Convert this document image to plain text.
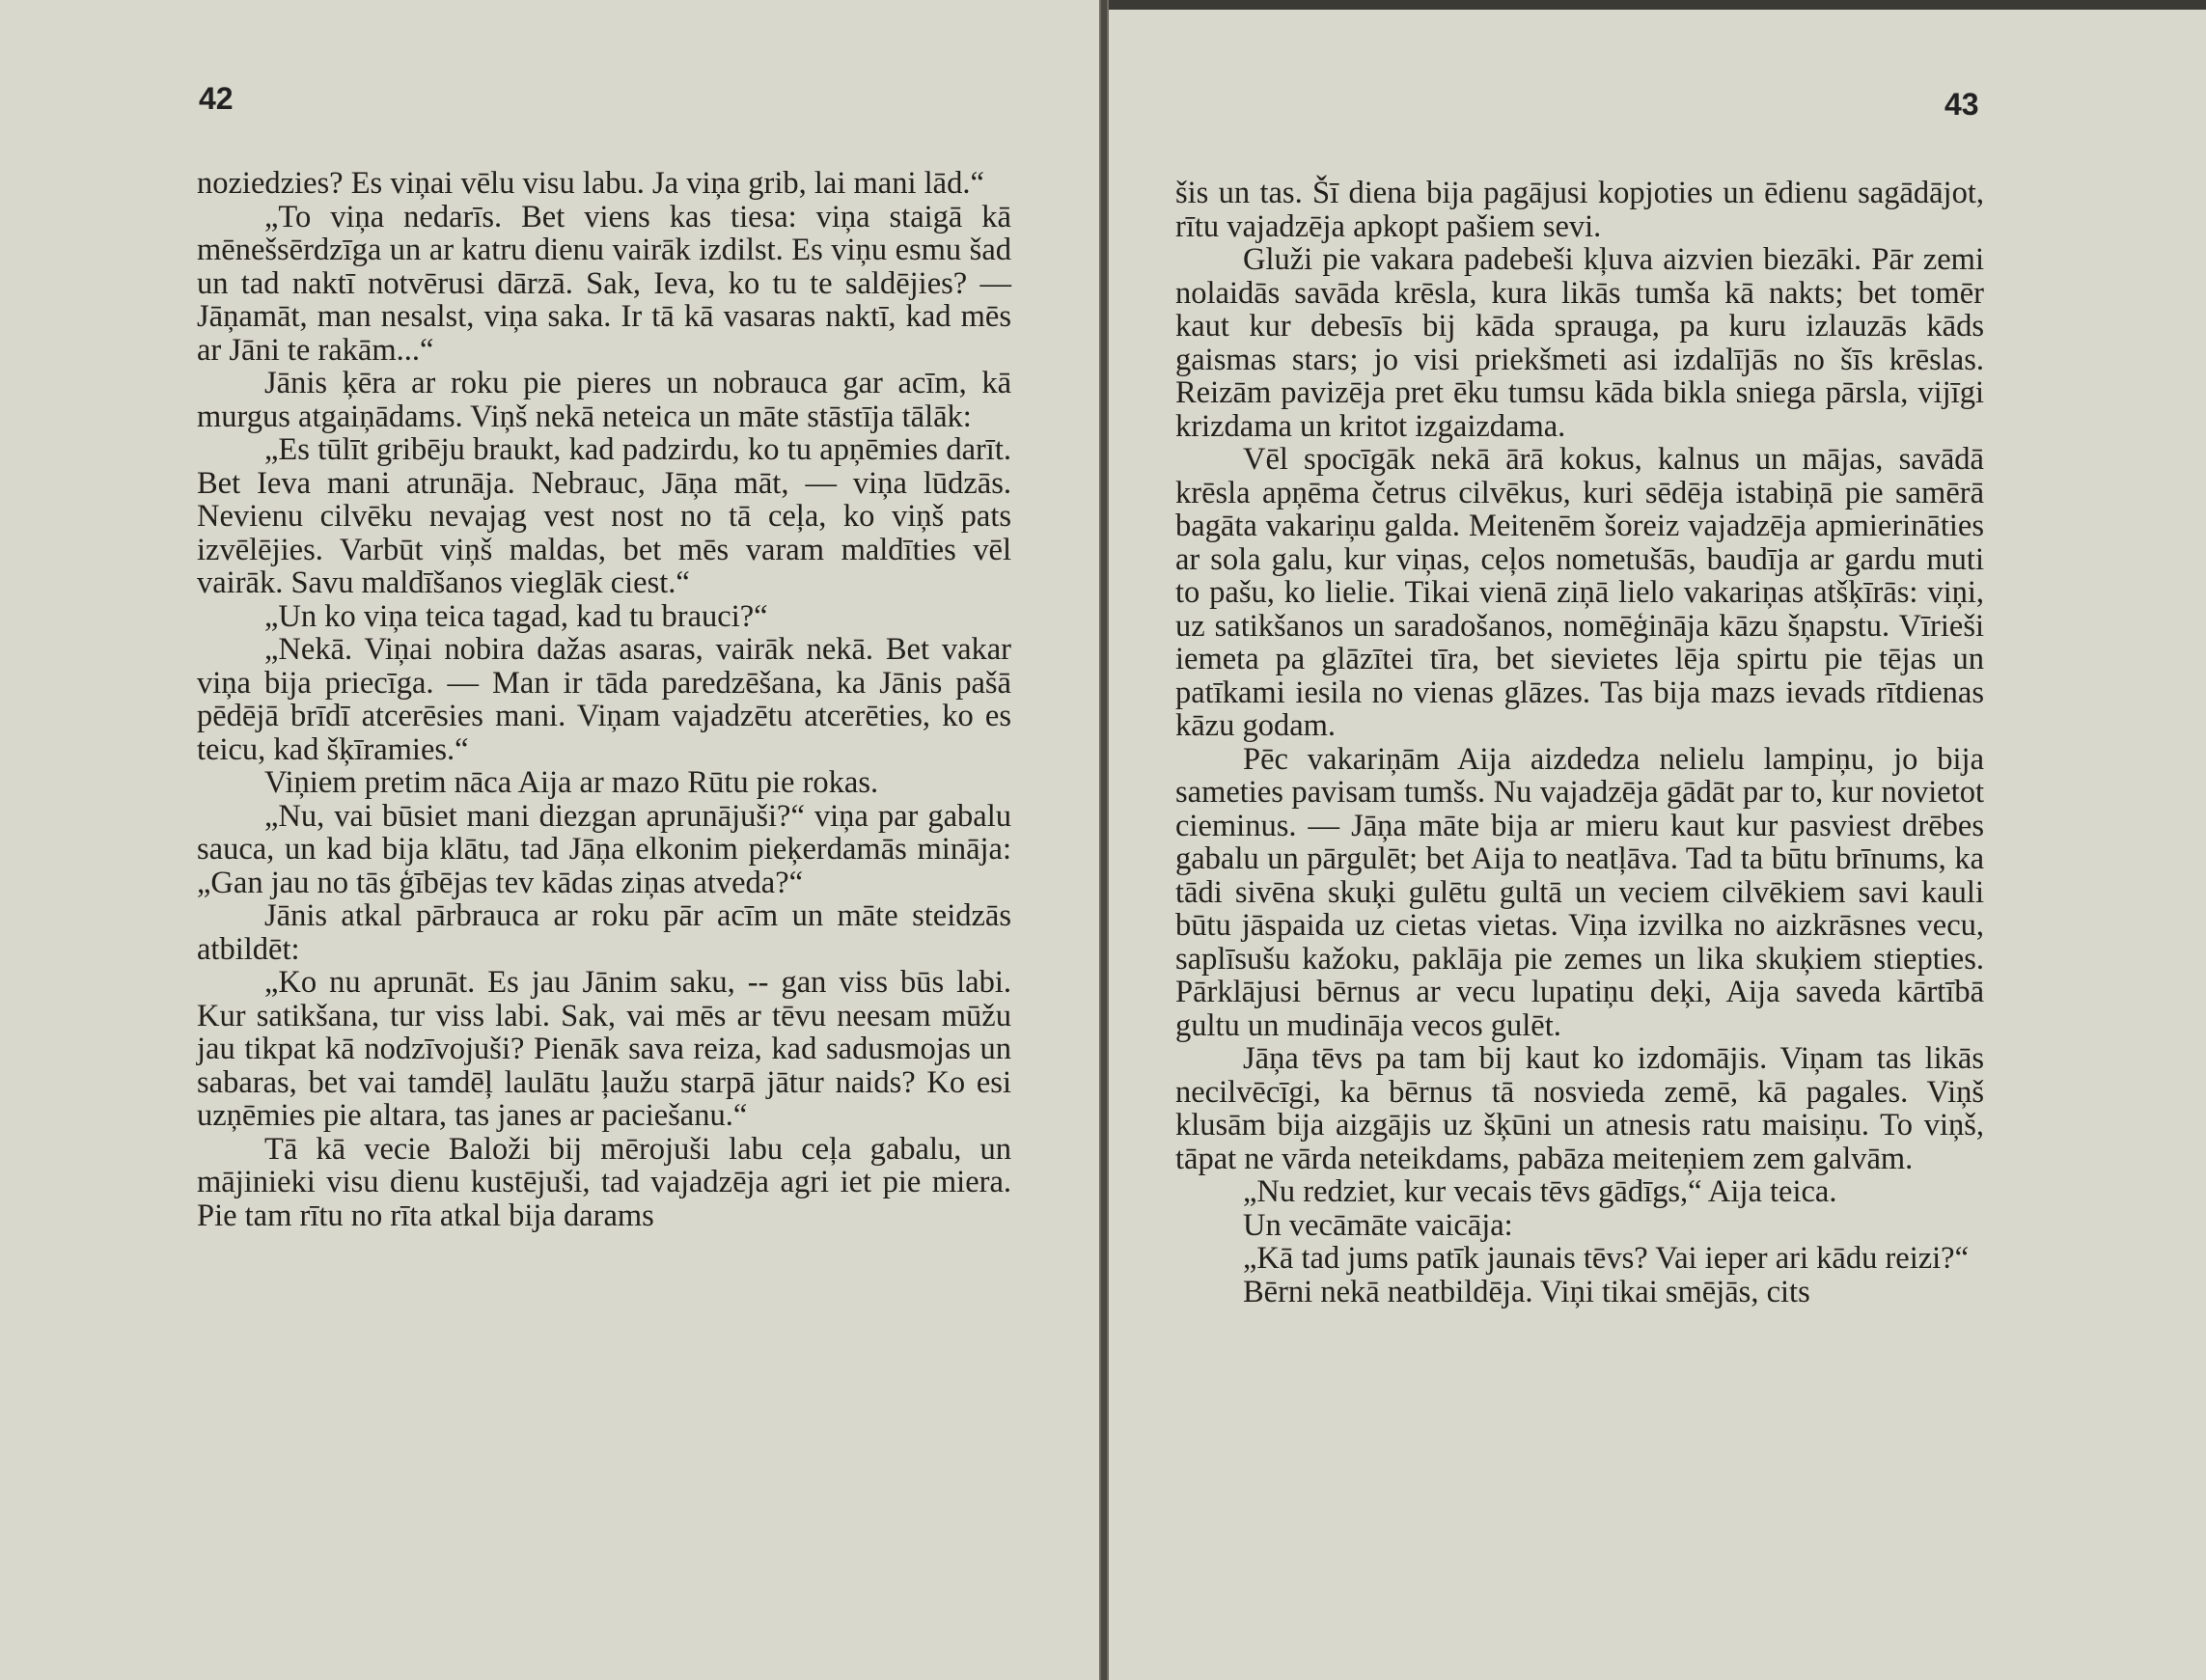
42

noziedzies? Es viņai vēlu visu labu. Ja viņa grib, lai mani lād.“

„To viņa nedarīs. Bet viens kas tiesa: viņa staigā kā mēnešsērdzīga un ar katru dienu vairāk izdilst. Es viņu esmu šad un tad naktī notvērusi dārzā. Sak, Ieva, ko tu te saldējies? — Jāņamāt, man nesalst, viņa saka. Ir tā kā vasaras naktī, kad mēs ar Jāni te rakām...“

Jānis ķēra ar roku pie pieres un nobrauca gar acīm, kā murgus atgaiņādams. Viņš nekā neteica un māte stāstīja tālāk:

„Es tūlīt gribēju braukt, kad padzirdu, ko tu apņēmies darīt. Bet Ieva mani atrunāja. Nebrauc, Jāņa māt, — viņa lūdzās. Nevienu cilvēku nevajag vest nost no tā ceļa, ko viņš pats izvēlējies. Varbūt viņš maldas, bet mēs varam maldīties vēl vairāk. Savu maldīšanos vieglāk ciest.“

„Un ko viņa teica tagad, kad tu brauci?“

„Nekā. Viņai nobira dažas asaras, vairāk nekā. Bet vakar viņa bija priecīga. — Man ir tāda paredzēšana, ka Jānis pašā pēdējā brīdī atcerēsies mani. Viņam vajadzētu atcerēties, ko es teicu, kad šķīramies.“

Viņiem pretim nāca Aija ar mazo Rūtu pie rokas.

„Nu, vai būsiet mani diezgan aprunājuši?“ viņa par gabalu sauca, un kad bija klātu, tad Jāņa elkonim pieķerdamās mināja: „Gan jau no tās ģībējas tev kādas ziņas atveda?“

Jānis atkal pārbrauca ar roku pār acīm un māte steidzās atbildēt:

„Ko nu aprunāt. Es jau Jānim saku, -- gan viss būs labi. Kur satikšana, tur viss labi. Sak, vai mēs ar tēvu neesam mūžu jau tikpat kā nodzīvojuši? Pienāk sava reiza, kad sadusmojas un sabaras, bet vai tamdēļ laulātu ļaužu starpā jātur naids? Ko esi uzņēmies pie altara, tas janes ar paciešanu.“

Tā kā vecie Baloži bij mērojuši labu ceļa gabalu, un mājinieki visu dienu kustējuši, tad vajadzēja agri iet pie miera. Pie tam rītu no rīta atkal bija darams

43

šis un tas. Šī diena bija pagājusi kopjoties un ēdienu sagādājot, rītu vajadzēja apkopt pašiem sevi.

Gluži pie vakara padebeši kļuva aizvien biezāki. Pār zemi nolaidās savāda krēsla, kura likās tumša kā nakts; bet tomēr kaut kur debesīs bij kāda sprauga, pa kuru izlauzās kāds gaismas stars; jo visi priekšmeti asi izdalījās no šīs krēslas. Reizām pavizēja pret ēku tumsu kāda bikla sniega pārsla, vijīgi krizdama un kritot izgaizdama.

Vēl spocīgāk nekā ārā kokus, kalnus un mājas, savādā krēsla apņēma četrus cilvēkus, kuri sēdēja istabiņā pie samērā bagāta vakariņu galda. Meitenēm šoreiz vajadzēja apmierināties ar sola galu, kur viņas, ceļos nometušās, baudīja ar gardu muti to pašu, ko lielie. Tikai vienā ziņā lielo vakariņas atšķīrās: viņi, uz satikšanos un saradošanos, nomēģināja kāzu šņapstu. Vīrieši iemeta pa glāzītei tīra, bet sievietes lēja spirtu pie tējas un patīkami iesila no vienas glāzes. Tas bija mazs ievads rītdienas kāzu godam.

Pēc vakariņām Aija aizdedza nelielu lampiņu, jo bija sameties pavisam tumšs. Nu vajadzēja gādāt par to, kur novietot cieminus. — Jāņa māte bija ar mieru kaut kur pasviest drēbes gabalu un pārgulēt; bet Aija to neatļāva. Tad ta būtu brīnums, ka tādi sivēna skuķi gulētu gultā un veciem cilvēkiem savi kauli būtu jāspaida uz cietas vietas. Viņa izvilka no aizkrāsnes vecu, saplīsušu kažoku, paklāja pie zemes un lika skuķiem stiepties. Pārklājusi bērnus ar vecu lupatiņu deķi, Aija saveda kārtībā gultu un mudināja vecos gulēt.

Jāņa tēvs pa tam bij kaut ko izdomājis. Viņam tas likās necilvēcīgi, ka bērnus tā nosvieda zemē, kā pagales. Viņš klusām bija aizgājis uz šķūni un atnesis ratu maisiņu. To viņš, tāpat ne vārda neteikdams, pabāza meiteņiem zem galvām.

„Nu redziet, kur vecais tēvs gādīgs,“ Aija teica.

Un vecāmāte vaicāja:

„Kā tad jums patīk jaunais tēvs? Vai ieper ari kādu reizi?“

Bērni nekā neatbildēja. Viņi tikai smējās, cits
